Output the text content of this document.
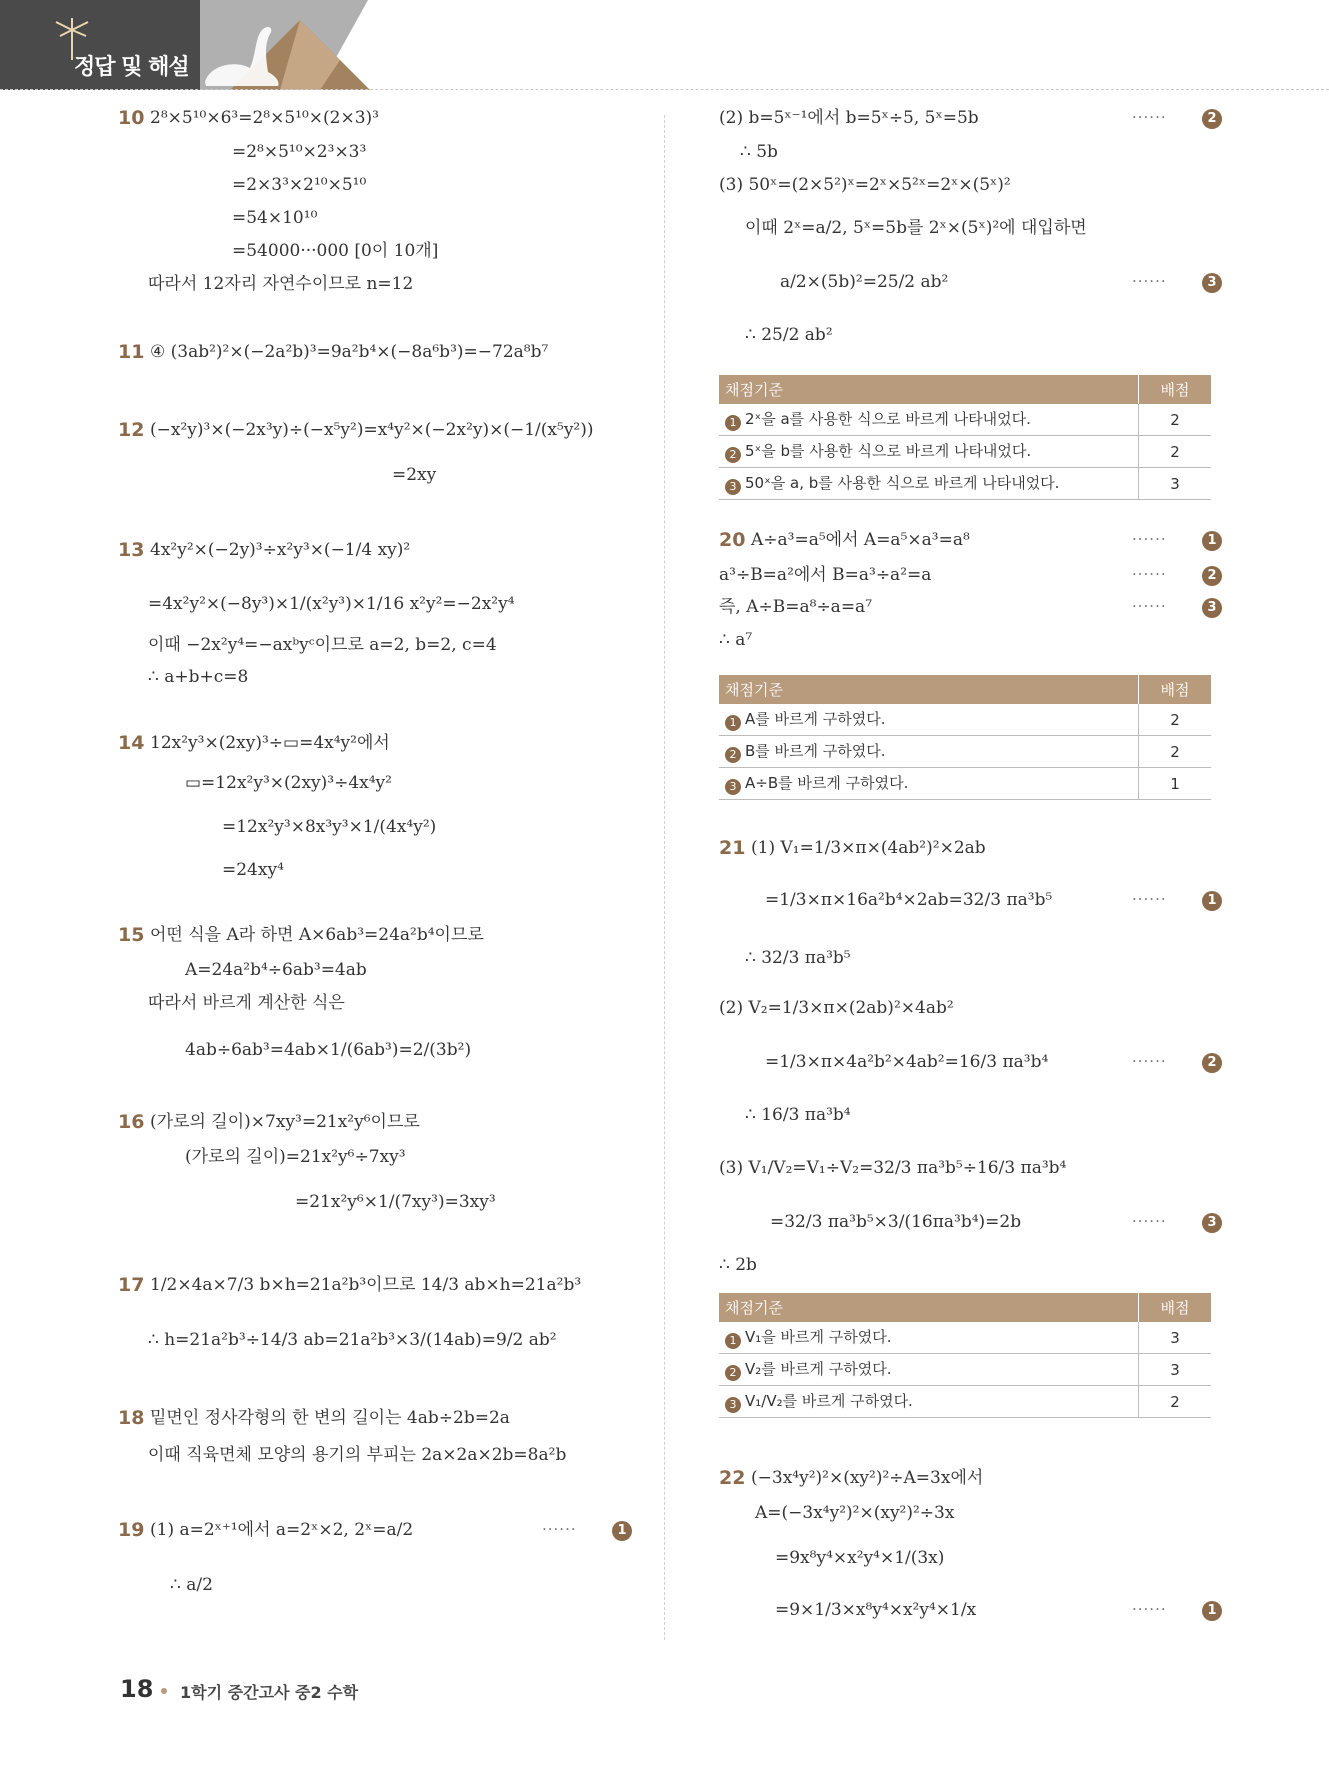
정답 및 해설
10 2⁸×5¹⁰×6³=2⁸×5¹⁰×(2×3)³
=2⁸×5¹⁰×2³×3³
=2×3³×2¹⁰×5¹⁰
=54×10¹⁰
=54000···000 [0이 10개]
따라서 12자리 자연수이므로 n=12
11 ④ (3ab²)²×(−2a²b)³=9a²b⁴×(−8a⁶b³)=−72a⁸b⁷
12 (−x²y)³×(−2x³y)÷(−x⁵y²)=x⁴y²×(−2x²y)×(−1/(x⁵y²))
=2xy
13 4x²y²×(−2y)³÷x²y³×(−1/4 xy)²
=4x²y²×(−8y³)×1/(x²y³)×1/16 x²y²=−2x²y⁴
이때 −2x²y⁴=−axᵇyᶜ이므로 a=2, b=2, c=4
∴ a+b+c=8
14 12x²y³×(2xy)³÷▭=4x⁴y²에서
▭=12x²y³×(2xy)³÷4x⁴y²
=12x²y³×8x³y³×1/(4x⁴y²)
=24xy⁴
15 어떤 식을 A라 하면 A×6ab³=24a²b⁴이므로
A=24a²b⁴÷6ab³=4ab
따라서 바르게 계산한 식은
4ab÷6ab³=4ab×1/(6ab³)=2/(3b²)
16 (가로의 길이)×7xy³=21x²y⁶이므로
(가로의 길이)=21x²y⁶÷7xy³
=21x²y⁶×1/(7xy³)=3xy³
17 1/2×4a×7/3 b×h=21a²b³이므로 14/3 ab×h=21a²b³
∴ h=21a²b³÷14/3 ab=21a²b³×3/(14ab)=9/2 ab²
18 밑면인 정사각형의 한 변의 길이는 4ab÷2b=2a
이때 직육면체 모양의 용기의 부피는 2a×2a×2b=8a²b
19 (1) a=2ˣ⁺¹에서 a=2ˣ×2, 2ˣ=a/2	······	1
∴ a/2
(2) b=5ˣ⁻¹에서 b=5ˣ÷5, 5ˣ=5b	······	2
∴ 5b
(3) 50ˣ=(2×5²)ˣ=2ˣ×5²ˣ=2ˣ×(5ˣ)²
이때 2ˣ=a/2, 5ˣ=5b를 2ˣ×(5ˣ)²에 대입하면
a/2×(5b)²=25/2 ab²	······	3
∴ 25/2 ab²
20 A÷a³=a⁵에서 A=a⁵×a³=a⁸	······	1
a³÷B=a²에서 B=a³÷a²=a	······	2
즉, A÷B=a⁸÷a=a⁷	······	3
∴ a⁷
21 (1) V₁=1/3×π×(4ab²)²×2ab
=1/3×π×16a²b⁴×2ab=32/3 πa³b⁵	······	1
∴ 32/3 πa³b⁵
(2) V₂=1/3×π×(2ab)²×4ab²
=1/3×π×4a²b²×4ab²=16/3 πa³b⁴	······	2
∴ 16/3 πa³b⁴
(3) V₁/V₂=V₁÷V₂=32/3 πa³b⁵÷16/3 πa³b⁴
=32/3 πa³b⁵×3/(16πa³b⁴)=2b	······	3
∴ 2b
22 (−3x⁴y²)²×(xy²)²÷A=3x에서
A=(−3x⁴y²)²×(xy²)²÷3x
=9x⁸y⁴×x²y⁴×1/(3x)
=9×1/3×x⁸y⁴×x²y⁴×1/x	······	1
채점기준	배점
1 2ˣ을 a를 사용한 식으로 바르게 나타내었다.	2
2 5ˣ을 b를 사용한 식으로 바르게 나타내었다.	2
3 50ˣ을 a, b를 사용한 식으로 바르게 나타내었다.	3
채점기준	배점
1 A를 바르게 구하였다.	2
2 B를 바르게 구하였다.	2
3 A÷B를 바르게 구하였다.	1
채점기준	배점
1 V₁을 바르게 구하였다.	3
2 V₂를 바르게 구하였다.	3
3 V₁/V₂를 바르게 구하였다.	2
18 1학기 중간고사 중2 수학
